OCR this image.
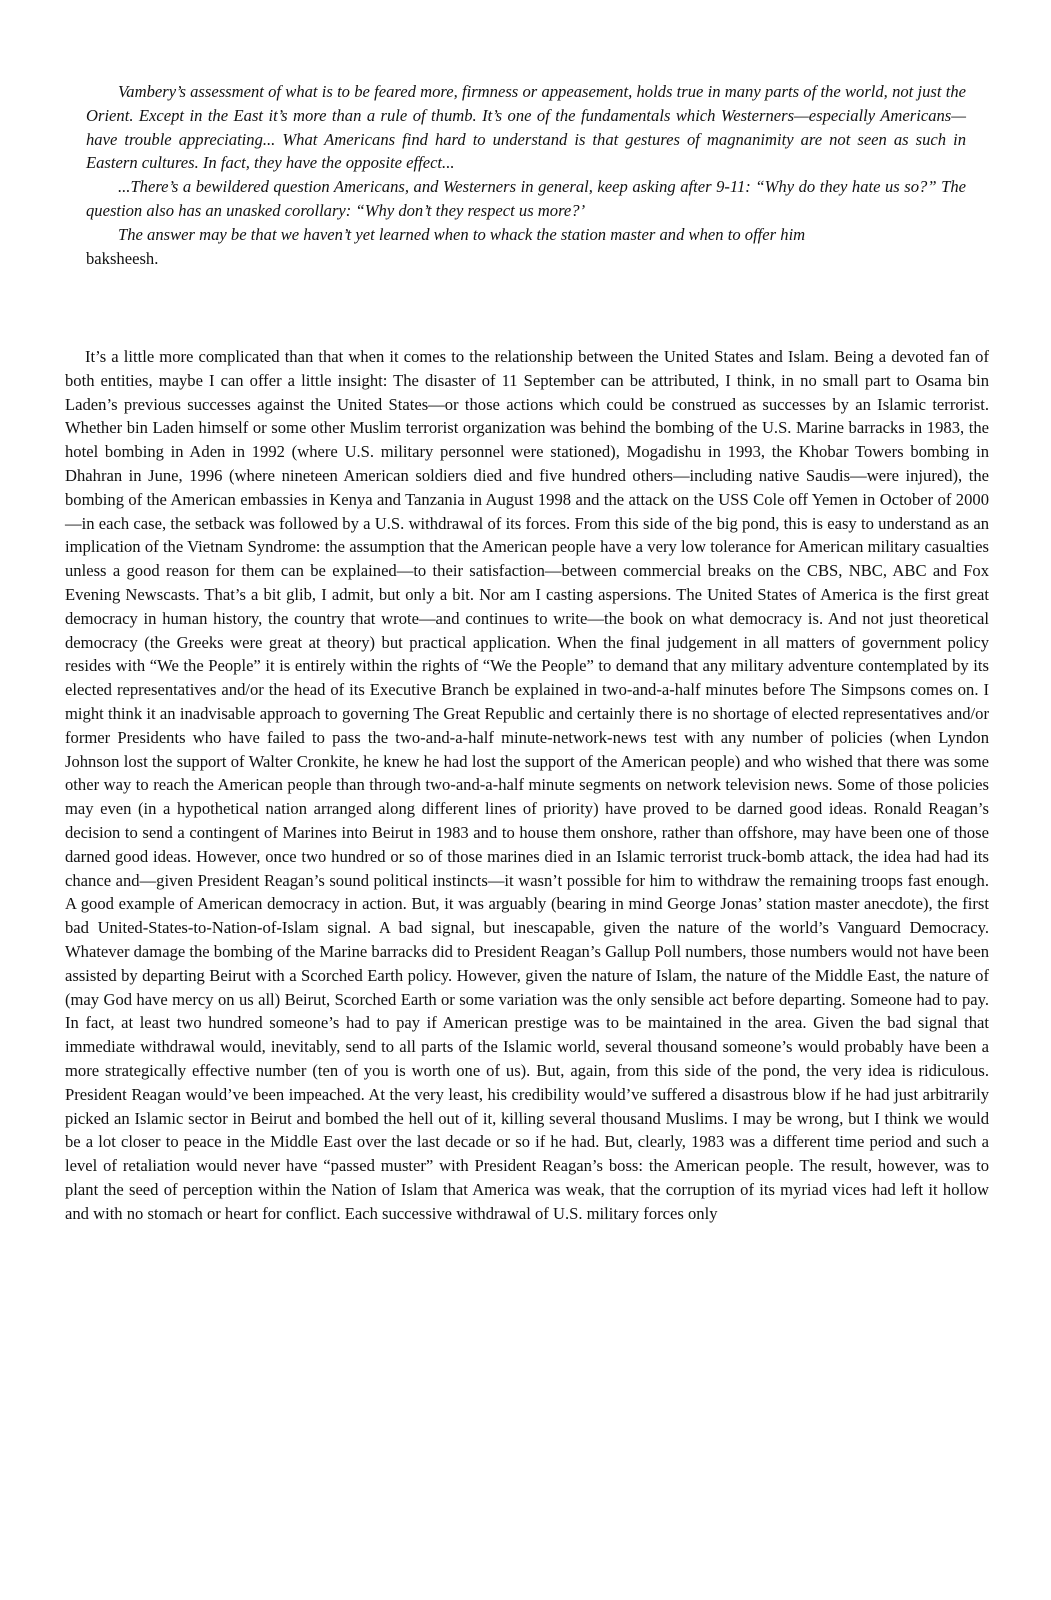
Vambery’s assessment of what is to be feared more, firmness or appeasement, holds true in many parts of the world, not just the Orient. Except in the East it’s more than a rule of thumb. It’s one of the fundamentals which Westerners—especially Americans—have trouble appreciating... What Americans find hard to understand is that gestures of magnanimity are not seen as such in Eastern cultures. In fact, they have the opposite effect...

...There’s a bewildered question Americans, and Westerners in general, keep asking after 9-11: “Why do they hate us so?” The question also has an unasked corollary: “Why don’t they respect us more?’

The answer may be that we haven’t yet learned when to whack the station master and when to offer him
baksheesh.

It’s a little more complicated than that when it comes to the relationship between the United States and Islam. Being a devoted fan of both entities, maybe I can offer a little insight: The disaster of 11 September can be attributed, I think, in no small part to Osama bin Laden’s previous successes against the United States—or those actions which could be construed as successes by an Islamic terrorist. Whether bin Laden himself or some other Muslim terrorist organization was behind the bombing of the U.S. Marine barracks in 1983, the hotel bombing in Aden in 1992 (where U.S. military personnel were stationed), Mogadishu in 1993, the Khobar Towers bombing in Dhahran in June, 1996 (where nineteen American soldiers died and five hundred others—including native Saudis—were injured), the bombing of the American embassies in Kenya and Tanzania in August 1998 and the attack on the USS Cole off Yemen in October of 2000—in each case, the setback was followed by a U.S. withdrawal of its forces. From this side of the big pond, this is easy to understand as an implication of the Vietnam Syndrome: the assumption that the American people have a very low tolerance for American military casualties unless a good reason for them can be explained—to their satisfaction—between commercial breaks on the CBS, NBC, ABC and Fox Evening Newscasts. That’s a bit glib, I admit, but only a bit. Nor am I casting aspersions. The United States of America is the first great democracy in human history, the country that wrote—and continues to write—the book on what democracy is. And not just theoretical democracy (the Greeks were great at theory) but practical application. When the final judgement in all matters of government policy resides with “We the People” it is entirely within the rights of “We the People” to demand that any military adventure contemplated by its elected representatives and/or the head of its Executive Branch be explained in two-and-a-half minutes before The Simpsons comes on. I might think it an inadvisable approach to governing The Great Republic and certainly there is no shortage of elected representatives and/or former Presidents who have failed to pass the two-and-a-half minute-network-news test with any number of policies (when Lyndon Johnson lost the support of Walter Cronkite, he knew he had lost the support of the American people) and who wished that there was some other way to reach the American people than through two-and-a-half minute segments on network television news. Some of those policies may even (in a hypothetical nation arranged along different lines of priority) have proved to be darned good ideas. Ronald Reagan’s decision to send a contingent of Marines into Beirut in 1983 and to house them onshore, rather than offshore, may have been one of those darned good ideas. However, once two hundred or so of those marines died in an Islamic terrorist truck-bomb attack, the idea had had its chance and—given President Reagan’s sound political instincts—it wasn’t possible for him to withdraw the remaining troops fast enough. A good example of American democracy in action. But, it was arguably (bearing in mind George Jonas’ station master anecdote), the first bad United-States-to-Nation-of-Islam signal. A bad signal, but inescapable, given the nature of the world’s Vanguard Democracy. Whatever damage the bombing of the Marine barracks did to President Reagan’s Gallup Poll numbers, those numbers would not have been assisted by departing Beirut with a Scorched Earth policy. However, given the nature of Islam, the nature of the Middle East, the nature of (may God have mercy on us all) Beirut, Scorched Earth or some variation was the only sensible act before departing. Someone had to pay. In fact, at least two hundred someone’s had to pay if American prestige was to be maintained in the area. Given the bad signal that immediate withdrawal would, inevitably, send to all parts of the Islamic world, several thousand someone’s would probably have been a more strategically effective number (ten of you is worth one of us). But, again, from this side of the pond, the very idea is ridiculous. President Reagan would’ve been impeached. At the very least, his credibility would’ve suffered a disastrous blow if he had just arbitrarily picked an Islamic sector in Beirut and bombed the hell out of it, killing several thousand Muslims. I may be wrong, but I think we would be a lot closer to peace in the Middle East over the last decade or so if he had. But, clearly, 1983 was a different time period and such a level of retaliation would never have “passed muster” with President Reagan’s boss: the American people. The result, however, was to plant the seed of perception within the Nation of Islam that America was weak, that the corruption of its myriad vices had left it hollow and with no stomach or heart for conflict. Each successive withdrawal of U.S. military forces only
